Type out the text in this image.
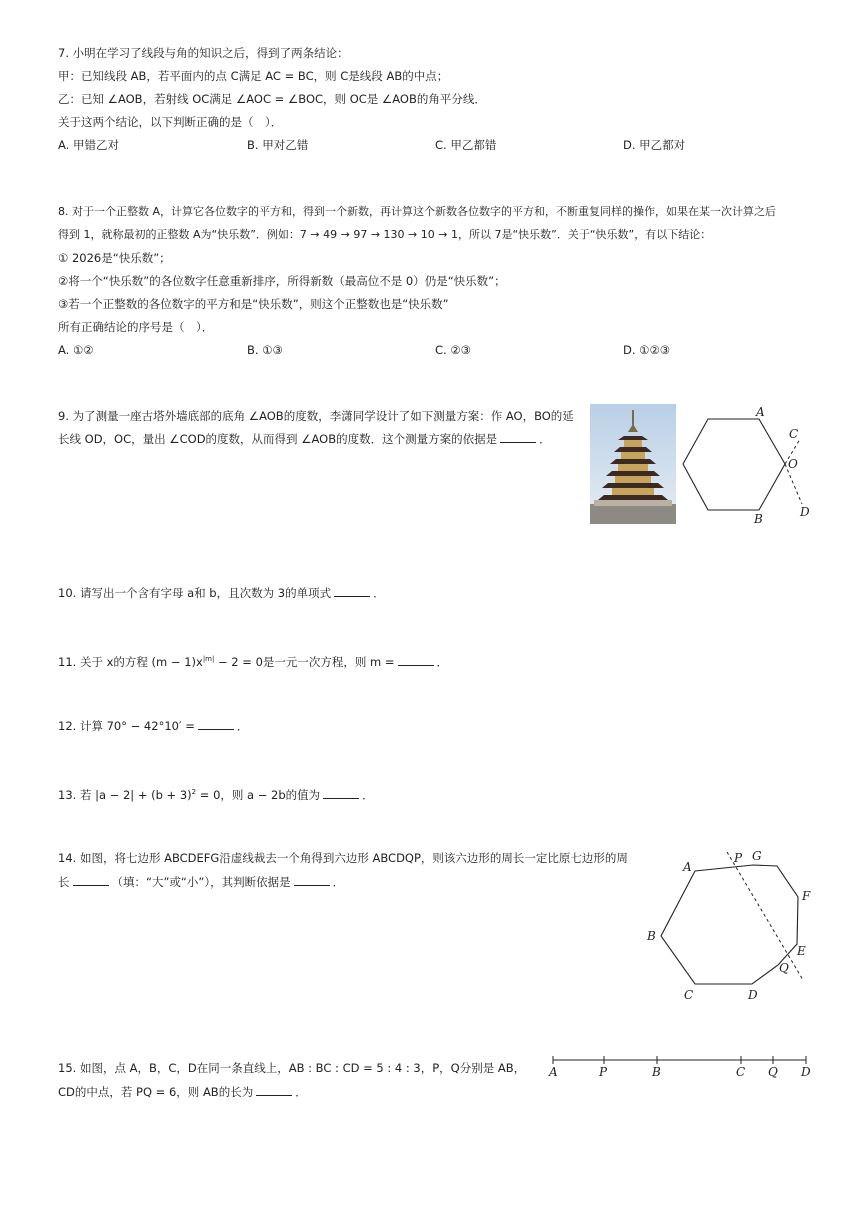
7. 小明在学习了线段与角的知识之后，得到了两条结论：
甲：已知线段 AB，若平面内的点 C满足 AC = BC，则 C是线段 AB的中点；
乙：已知 ∠AOB，若射线 OC满足 ∠AOC = ∠BOC，则 OC是 ∠AOB的角平分线．
关于这两个结论，以下判断正确的是（　）．
A. 甲错乙对	B. 甲对乙错	C. 甲乙都错	D. 甲乙都对
8. 对于一个正整数 A，计算它各位数字的平方和，得到一个新数，再计算这个新数各位数字的平方和，不断重复同样的操作，如果在某一次计算之后
得到 1，就称最初的正整数 A为“快乐数”．例如：7 → 49 → 97 → 130 → 10 → 1，所以 7是“快乐数”．关于“快乐数”，有以下结论：
① 2026是“快乐数”；
②将一个“快乐数”的各位数字任意重新排序，所得新数（最高位不是 0）仍是“快乐数”；
③若一个正整数的各位数字的平方和是“快乐数”，则这个正整数也是“快乐数”
所有正确结论的序号是（　）．
A. ①②	B. ①③	C. ②③	D. ①②③
9. 为了测量一座古塔外墙底部的底角 ∠AOB的度数，李潇同学设计了如下测量方案：作 AO，BO的延
长线 OD，OC，量出 ∠COD的度数，从而得到 ∠AOB的度数．这个测量方案的依据是	．
A
B
C
O
D
10. 请写出一个含有字母 a和 b，且次数为 3的单项式	．
11. 关于 x的方程 $(m - 1)x^{|m|} - 2 = 0$是一元一次方程，则 m =	．
12. 计算 70° − 42°10′ =	．
13. 若 $|a - 2| + (b + 3)^2 = 0$，则 a − 2b的值为	．
14. 如图，将七边形 ABCDEFG沿虚线裁去一个角得到六边形 ABCDQP，则该六边形的周长一定比原七边形的周
长	（填：“大”或“小”），其判断依据是	．
A
P G
F
B
E
Q
C	D
15. 如图，点 A，B，C，D在同一条直线上，AB : BC : CD = 5 : 4 : 3，P，Q分别是 AB，
CD的中点，若 PQ = 6，则 AB的长为	．
A	P	B	C Q D
